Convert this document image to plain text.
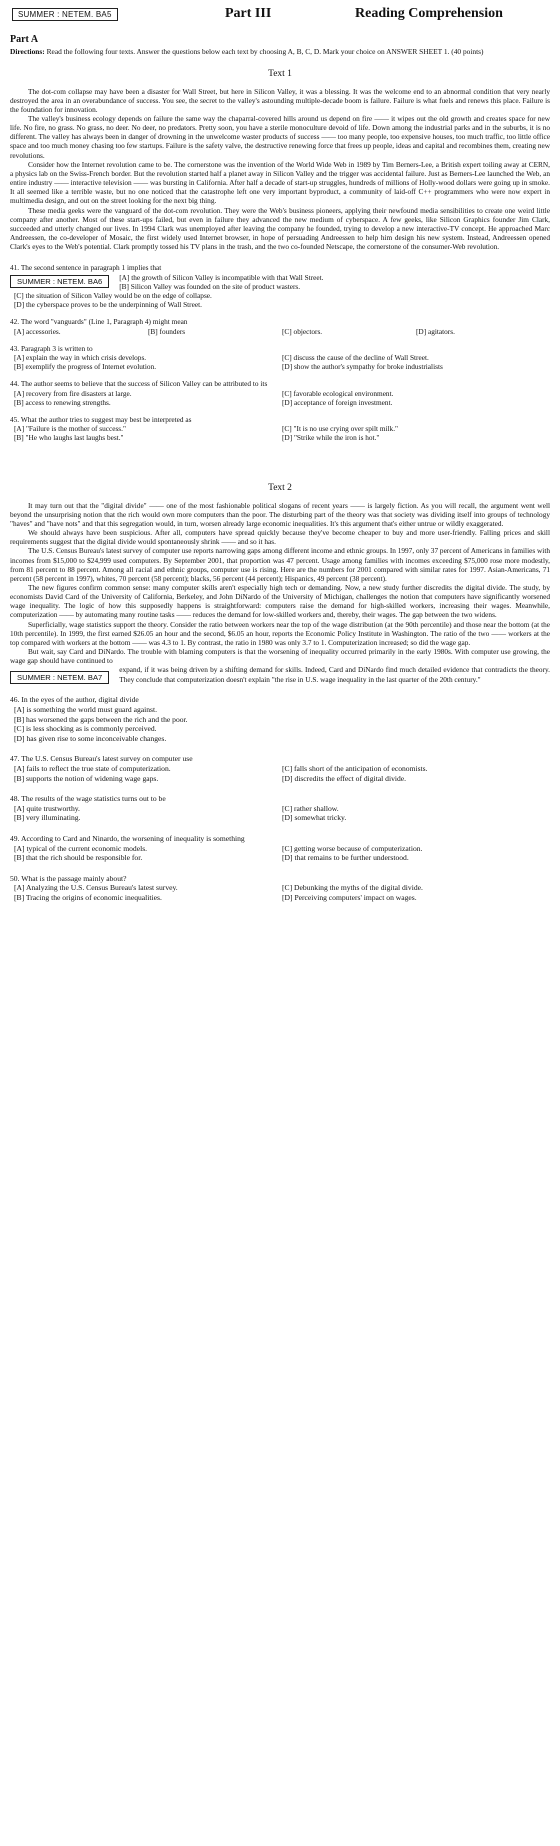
SUMMER : NETEM. BA5	Part III	Reading Comprehension
Part A
Directions: Read the following four texts. Answer the questions below each text by choosing A, B, C, D. Mark your choice on ANSWER SHEET 1. (40 points)
Text 1

The dot-com collapse may have been a disaster for Wall Street, but here in Silicon Valley, it was a blessing. It was the welcome end to an abnormal condition that very nearly destroyed the area in an overabundance of success. You see, the secret to the valley's astounding multiple-decade boom is failure. Failure is what fuels and renews this place. Failure is the foundation for innovation.

The valley's business ecology depends on failure the same way the chaparral-covered hills around us depend on fire —— it wipes out the old growth and creates space for new life. No fire, no grass. No grass, no deer. No deer, no predators. Pretty soon, you have a sterile monoculture devoid of life. Down among the industrial parks and in the suburbs, it is no different. The valley has always been in danger of drowning in the unwelcome waster products of success —— too many people, too expensive houses, too much traffic, too little office space and too much money chasing too few startups. Failure is the safety valve, the destructive renewing force that frees up people, ideas and capital and recombines them, creating new revolutions.

Consider how the Internet revolution came to be. The cornerstone was the invention of the World Wide Web in 1989 by Tim Berners-Lee, a British expert toiling away at CERN, a physics lab on the Swiss-French border. But the revolution started half a planet away in Silicon Valley and the trigger was accidental failure. Just as Berners-Lee launched the Web, an entire industry —— interactive television —— was bursting in California. After half a decade of start-up struggles, hundreds of millions of Holly-wood dollars were going up in smoke. It all seemed like a terrible waste, but no one noticed that the catastrophe left one very important byproduct, a community of laid-off C++ programmers who were now expert in multimedia design, and out on the street looking for the next big thing.

These media geeks were the vanguard of the dot-com revolution. They were the Web's business pioneers, applying their newfound media sensibilities to create one weird little company after another. Most of these start-ups failed, but even in failure they advanced the new medium of cyberspace. A few geeks, like Silicon Graphics founder Jim Clark, succeeded and utterly changed our lives. In 1994 Clark was unemployed after leaving the company he founded, trying to develop a new interactive-TV concept. He approached Marc Andreessen, the co-developer of Mosaic, the first widely used Internet browser, in hope of persuading Andreessen to help him design his new system. Instead, Andreessen opened Clark's eyes to the Web's potential. Clark promptly tossed his TV plans in the trash, and the two co-founded Netscape, the cornerstone of the consumer-Web revolution.

41. The second sentence in paragraph 1 implies that

SUMMER : NETEM. BA6	[A] the growth of Silicon Valley is incompatible with that Wall Street.
[B] Silicon Valley was founded on the site of product wasters.
[C] the situation of Silicon Valley would be on the edge of collapse.
[D] the cyberspace proves to be the underpinning of Wall Street.

42. The word "vanguards" (Line 1, Paragraph 4) might mean

[A] accessories.	[B] founders	[C] objectors.	[D] agitators.

43. Paragraph 3 is written to

[A] explain the way in which crisis develops.	[C] discuss the cause of the decline of Wall Street.
[B] exemplify the progress of Internet evolution.	[D] show the author's sympathy for broke industrialists

44. The author seems to believe that the success of Silicon Valley can be attributed to its

[A] recovery from fire disasters at large.	[C] favorable ecological environment.
[B] access to renewing strengths.	[D] acceptance of foreign investment.

45. What the author tries to suggest may best be interpreted as

[A] "Failure is the mother of success."	[C] "It is no use crying over spilt milk."
[B] "He who laughs last laughs best."	[D] "Strike while the iron is hot."
Text 2

It may turn out that the "digital divide" —— one of the most fashionable political slogans of recent years —— is largely fiction. As you will recall, the argument went well beyond the unsurprising notion that the rich would own more computers than the poor. The disturbing part of the theory was that society was dividing itself into groups of technology "haves" and "have nots" and that this segregation would, in turn, worsen already large economic inequalities. It's this argument that's either untrue or wildly exaggerated.

We should always have been suspicious. After all, computers have spread quickly because they've become cheaper to buy and more user-friendly. Falling prices and skill requirements suggest that the digital divide would spontaneously shrink —— and so it has.

The U.S. Census Bureau's latest survey of computer use reports narrowing gaps among different income and ethnic groups. In 1997, only 37 percent of Americans in families with incomes from $15,000 to $24,999 used computers. By September 2001, that proportion was 47 percent. Usage among families with incomes exceeding $75,000 rose more modestly, from 81 percent to 88 percent. Among all racial and ethnic groups, computer use is rising. Here are the numbers for 2001 compared with similar rates for 1997. Asian-Americans, 71 percent (58 percent in 1997), whites, 70 percent (58 percent); blacks, 56 percent (44 percent); Hispanics, 49 percent (38 percent).

The new figures confirm common sense: many computer skills aren't especially high tech or demanding. Now, a new study further discredits the digital divide. The study, by economists David Card of the University of California, Berkeley, and John DiNardo of the University of Michigan, challenges the notion that computers have significantly worsened wage inequality. The logic of how this supposedly happens is straightforward: computers raise the demand for high-skilled workers, increasing their wages. Meanwhile, computerization —— by automating many routine tasks —— reduces the demand for low-skilled workers and, thereby, their wages. The gap between the two widens.

Superficially, wage statistics support the theory. Consider the ratio between workers near the top of the wage distribution (at the 90th percentile) and those near the bottom (at the 10th percentile). In 1999, the first earned $26.05 an hour and the second, $6.05 an hour, reports the Economic Policy Institute in Washington. The ratio of the two —— workers at the top compared with workers at the bottom —— was 4.3 to 1. By contrast, the ratio in 1980 was only 3.7 to 1. Computerization increased; so did the wage gap.

But wait, say Card and DiNardo. The trouble with blaming computers is that the worsening of inequality occurred primarily in the early 1980s. With computer use growing, the wage gap should have continued to

SUMMER : NETEM. BA7

expand, if it was being driven by a shifting demand for skills. Indeed, Card and DiNardo find much detailed evidence that contradicts the theory. They conclude that computerization doesn't explain "the rise in U.S. wage inequality in the last quarter of the 20th century."

46. In the eyes of the author, digital divide

[A] is something the world must guard against.
[B] has worsened the gaps between the rich and the poor.
[C] is less shocking as is commonly perceived.
[D] has given rise to some inconceivable changes.

47. The U.S. Census Bureau's latest survey on computer use

[A] fails to reflect the true state of computerization.	[C] falls short of the anticipation of economists.
[B] supports the notion of widening wage gaps.	[D] discredits the effect of digital divide.

48. The results of the wage statistics turns out to be

[A] quite trustworthy.	[C] rather shallow.
[B] very illuminating.	[D] somewhat tricky.

49. According to Card and Ninardo, the worsening of inequality is something

[A] typical of the current economic models.	[C] getting worse because of computerization.
[B] that the rich should be responsible for.	[D] that remains to be further understood.

50. What is the passage mainly about?

[A] Analyzing the U.S. Census Bureau's latest survey.	[C] Debunking the myths of the digital divide.
[B] Tracing the origins of economic inequalities.	[D] Perceiving computers' impact on wages.
